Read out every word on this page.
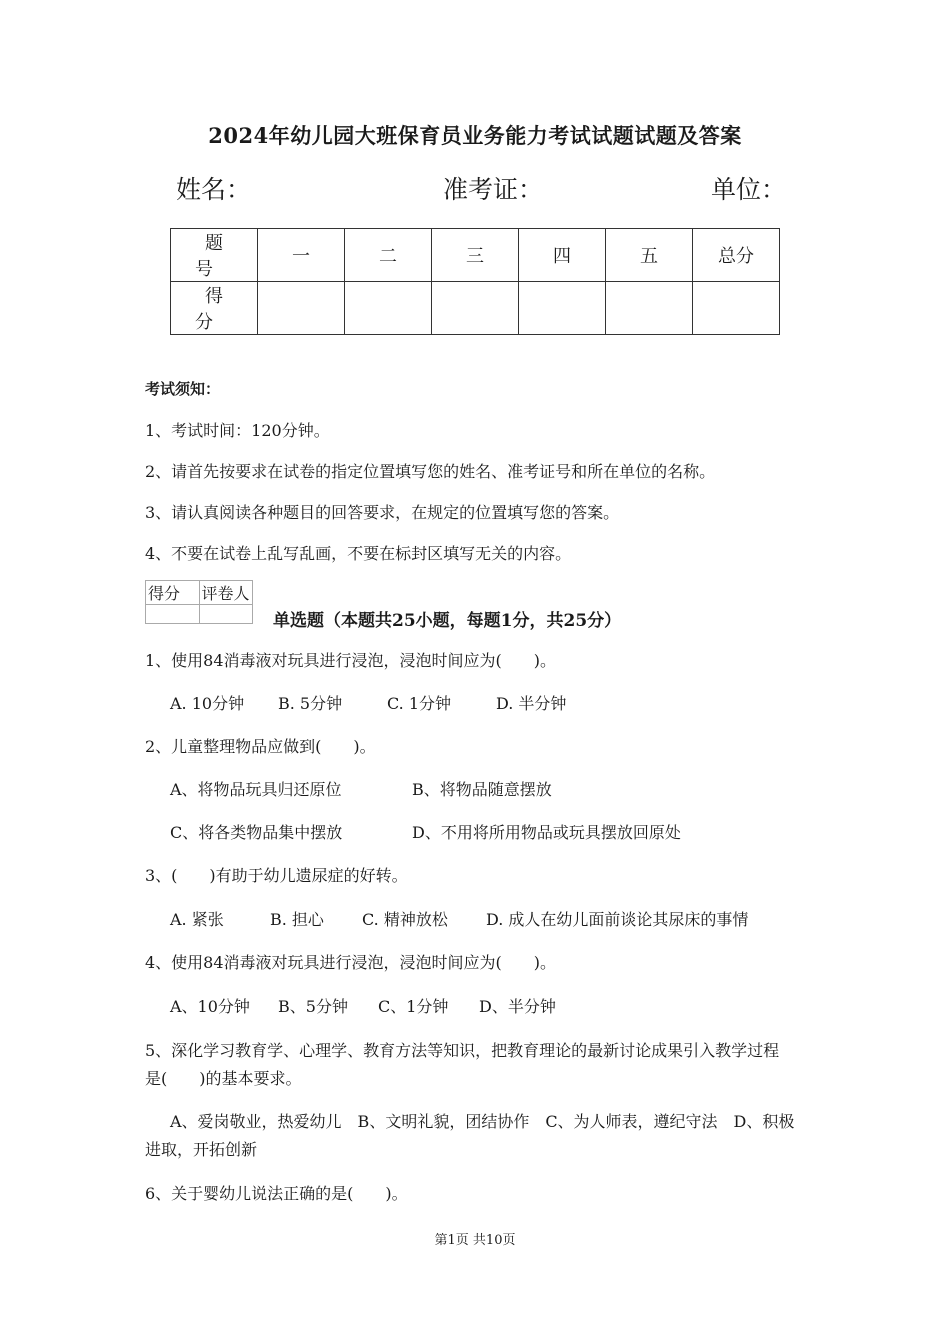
2024年幼儿园大班保育员业务能力考试试题试题及答案
姓名：	准考证：	单位：
题 号	一	二	三	四	五	总分
得 分						
考试须知：
1、考试时间：120分钟。
2、请首先按要求在试卷的指定位置填写您的姓名、准考证号和所在单位的名称。
3、请认真阅读各种题目的回答要求，在规定的位置填写您的答案。
4、不要在试卷上乱写乱画，不要在标封区填写无关的内容。
得分	评卷人

单选题（本题共25小题，每题1分，共25分）
1、使用84消毒液对玩具进行浸泡，浸泡时间应为(　　)。
A. 10分钟 B. 5分钟	C. 1分钟	D. 半分钟
2、儿童整理物品应做到(　　)。
A、将物品玩具归还原位	B、将物品随意摆放
C、将各类物品集中摆放	D、不用将所用物品或玩具摆放回原处
3、(　　)有助于幼儿遗尿症的好转。
A. 紧张	B. 担心 C. 精神放松 D. 成人在幼儿面前谈论其尿床的事情
4、使用84消毒液对玩具进行浸泡，浸泡时间应为(　　)。
A、10分钟 B、5分钟 C、1分钟 D、半分钟
5、深化学习教育学、心理学、教育方法等知识，把教育理论的最新讨论成果引入教学过程
是(　　)的基本要求。
A、爱岗敬业，热爱幼儿　B、文明礼貌，团结协作　C、为人师表，遵纪守法　D、积极
进取，开拓创新
6、关于婴幼儿说法正确的是(　　)。
第1页 共10页
